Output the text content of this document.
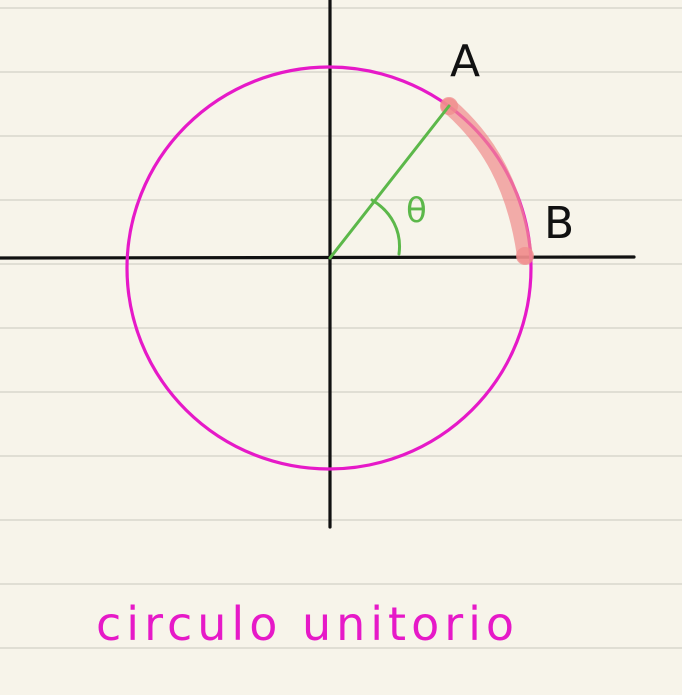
A
B
θ
circulo unitorio
